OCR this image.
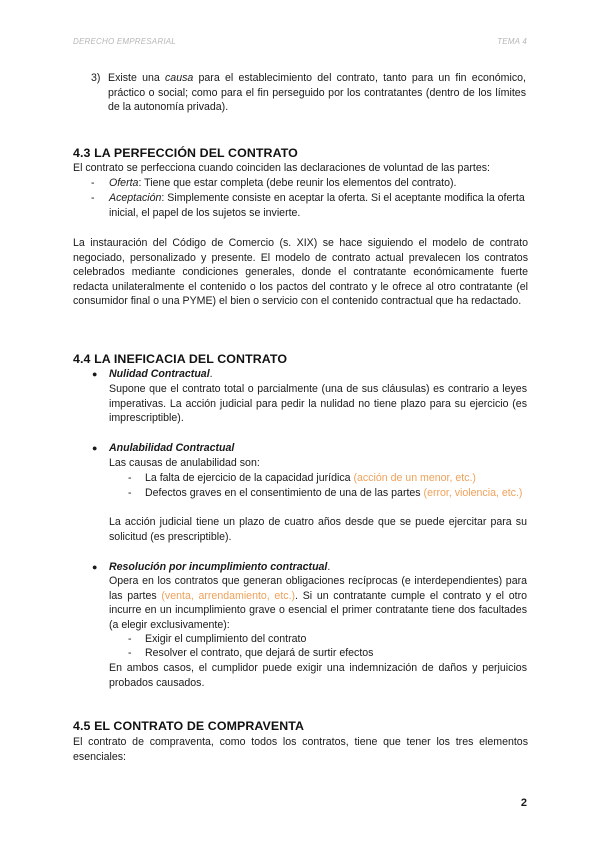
DERECHO EMPRESARIAL	TEMA 4
3) Existe una causa para el establecimiento del contrato, tanto para un fin económico, práctico o social; como para el fin perseguido por los contratantes (dentro de los límites de la autonomía privada).

4.3 LA PERFECCIÓN DEL CONTRATO

El contrato se perfecciona cuando coinciden las declaraciones de voluntad de las partes:

- Oferta: Tiene que estar completa (debe reunir los elementos del contrato).

- Aceptación: Simplemente consiste en aceptar la oferta. Si el aceptante modifica la oferta inicial, el papel de los sujetos se invierte.

La instauración del Código de Comercio (s. XIX) se hace siguiendo el modelo de contrato negociado, personalizado y presente. El modelo de contrato actual prevalecen los contratos celebrados mediante condiciones generales, donde el contratante económicamente fuerte redacta unilateralmente el contenido o los pactos del contrato y le ofrece al otro contratante (el consumidor final o una PYME) el bien o servicio con el contenido contractual que ha redactado.

4.4 LA INEFICACIA DEL CONTRATO
● Nulidad Contractual.

Supone que el contrato total o parcialmente (una de sus cláusulas) es contrario a leyes imperativas. La acción judicial para pedir la nulidad no tiene plazo para su ejercicio (es imprescriptible).

● Anulabilidad Contractual

Las causas de anulabilidad son:

- La falta de ejercicio de la capacidad jurídica (acción de un menor, etc.)

- Defectos graves en el consentimiento de una de las partes (error, violencia, etc.)

La acción judicial tiene un plazo de cuatro años desde que se puede ejercitar para su solicitud (es prescriptible).

● Resolución por incumplimiento contractual.

Opera en los contratos que generan obligaciones recíprocas (e interdependientes) para las partes (venta, arrendamiento, etc.). Si un contratante cumple el contrato y el otro incurre en un incumplimiento grave o esencial el primer contratante tiene dos facultades (a elegir exclusivamente):

- Exigir el cumplimiento del contrato

- Resolver el contrato, que dejará de surtir efectos

En ambos casos, el cumplidor puede exigir una indemnización de daños y perjuicios probados causados.

4.5 EL CONTRATO DE COMPRAVENTA

El contrato de compraventa, como todos los contratos, tiene que tener los tres elementos esenciales:

2
